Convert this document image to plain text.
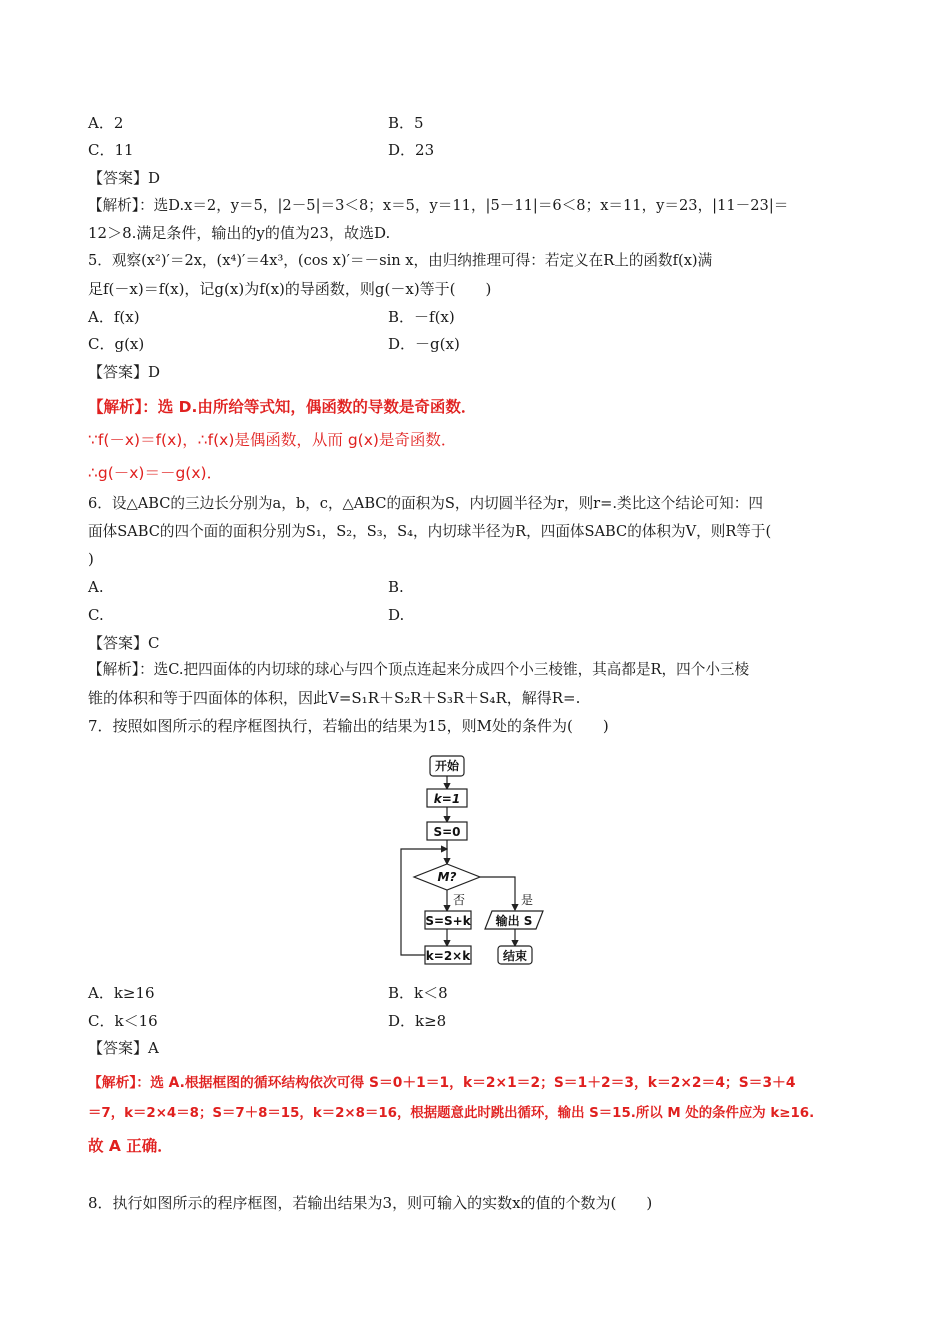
A．2	B．5
C．11	D．23
【答案】D
【解析】：选D.x＝2，y＝5，|2－5|＝3＜8；x＝5，y＝11，|5－11|＝6＜8；x＝11，y＝23，|11－23|＝
12＞8.满足条件，输出的y的值为23，故选D.
5．观察(x²)′＝2x，(x⁴)′＝4x³，(cos x)′＝－sin x，由归纳推理可得：若定义在R上的函数f(x)满
足f(－x)＝f(x)，记g(x)为f(x)的导函数，则g(－x)等于(　　)
A．f(x)	B．－f(x)
C．g(x)	D．－g(x)
【答案】D
【解析】：选 D.由所给等式知，偶函数的导数是奇函数．
∵f(－x)＝f(x)，∴f(x)是偶函数，从而 g(x)是奇函数．
∴g(－x)＝－g(x)．
6．设△ABC的三边长分别为a，b，c，△ABC的面积为S，内切圆半径为r，则r=.类比这个结论可知：四
面体SABC的四个面的面积分别为S₁，S₂，S₃，S₄，内切球半径为R，四面体SABC的体积为V，则R等于(
)
A.	B.
C.	D.
【答案】C
【解析】：选C.把四面体的内切球的球心与四个顶点连起来分成四个小三棱锥，其高都是R，四个小三棱
锥的体积和等于四面体的体积，因此V=S₁R＋S₂R＋S₃R＋S₄R，解得R=.
7．按照如图所示的程序框图执行，若输出的结果为15，则M处的条件为(　　)
开始
k=1
S=0
M?
否	是
S=S+k
k=2×k
输出 S
结束
A．k≥16	B．k＜8
C．k＜16	D．k≥8
【答案】A
【解析】：选 A.根据框图的循环结构依次可得 S＝0＋1＝1，k＝2×1＝2；S＝1＋2＝3，k＝2×2＝4；S＝3＋4
＝7，k＝2×4＝8；S＝7＋8＝15，k＝2×8＝16，根据题意此时跳出循环，输出 S＝15.所以 M 处的条件应为 k≥16.
故 A 正确．
8．执行如图所示的程序框图，若输出结果为3，则可输入的实数x的值的个数为(　　)
